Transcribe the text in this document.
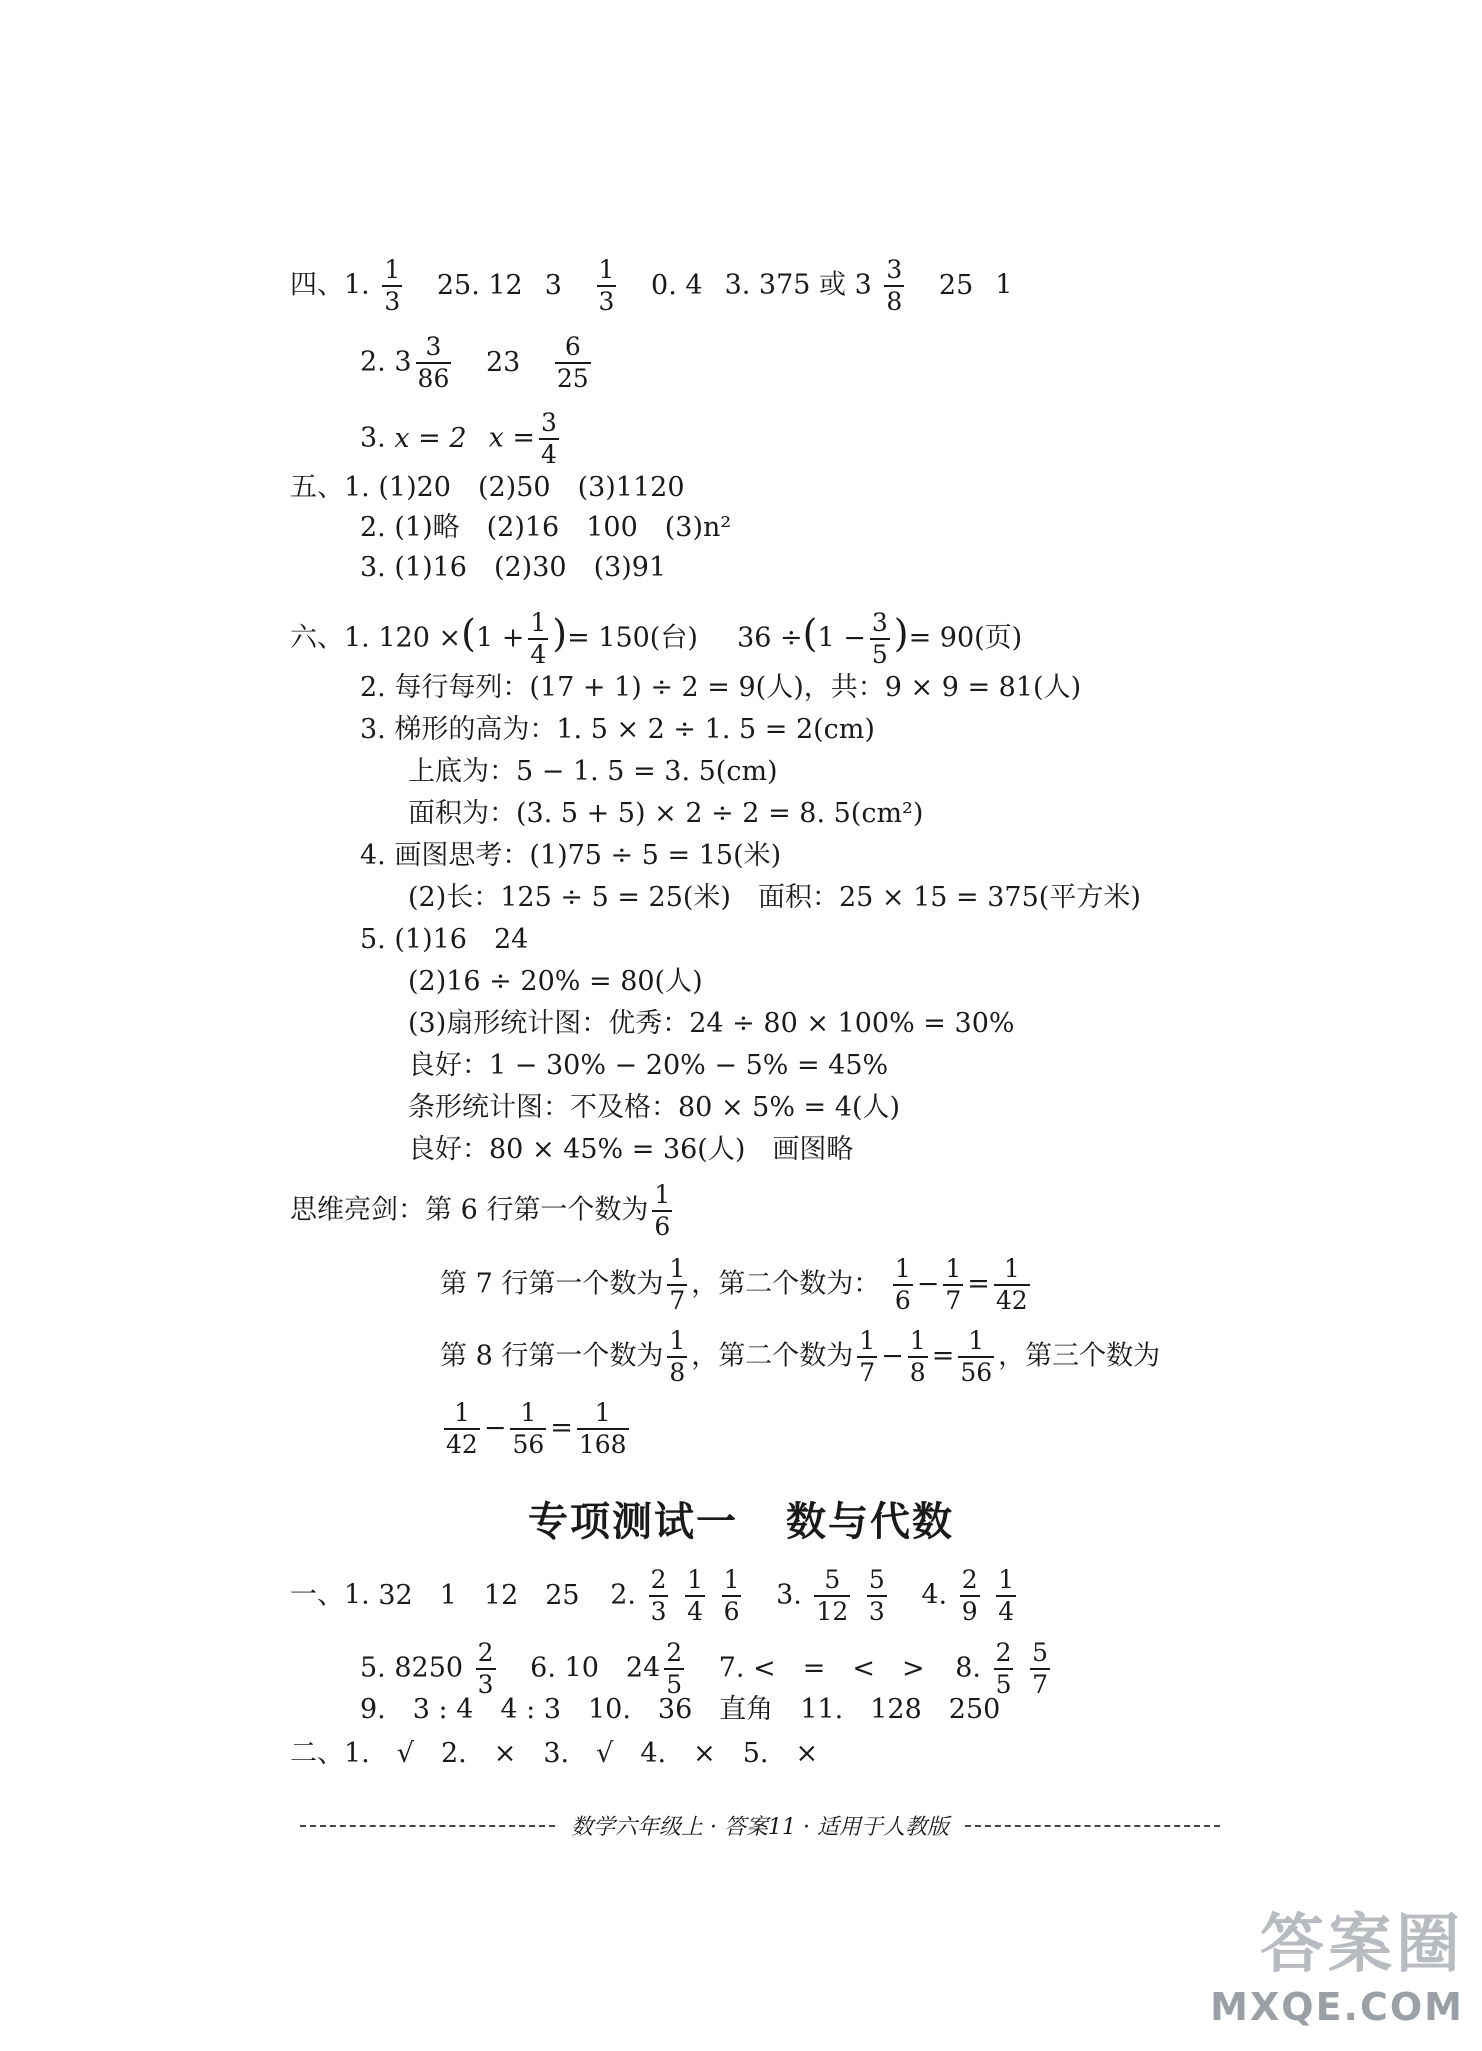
四、1. $\frac{1}{3} 25$. 12 $3 \frac{1}{3} 0$. 4 3. 375 或 $3 \frac{3}{8} 25$ 1
2. $3 \frac{3}{86} 23 \frac{6}{25}$
3. x = 2 $x = \frac{3}{4}$
五、1. (1)20　(2)50　(3)1120
2. (1)略　(2)16　100　(3)n²
3. (1)16　(2)30　(3)91
六、1. $120 \times(1 + \frac{1}{4}$ )= 150(台) $36 \div(1 - \frac{3}{5}$ )= 90(页)
2. 每行每列：(17 + 1) ÷ 2 = 9(人)，共：9 × 9 = 81(人)
3. 梯形的高为：1. 5 × 2 ÷ 1. 5 = 2(cm)
上底为：5 − 1. 5 = 3. 5(cm)
面积为：(3. 5 + 5) × 2 ÷ 2 = 8. 5(cm²)
4. 画图思考：(1)75 ÷ 5 = 15(米)
(2)长：125 ÷ 5 = 25(米)　面积：25 × 15 = 375(平方米)
5. (1)16　24
(2)16 ÷ 20% = 80(人)
(3)扇形统计图：优秀：24 ÷ 80 × 100% = 30%
良好：1 − 30% − 20% − 5% = 45%
条形统计图：不及格：80 × 5% = 4(人)
良好：80 × 45% = 36(人)　画图略
思维亮剑：第 6 行第一个数为 $\frac{1}{6}$
第 7 行第一个数为 $\frac{1}{7}$ ，第二个数为： $\frac{1}{6} - \frac{1}{7} = \frac{1}{42}$
第 8 行第一个数为 $\frac{1}{8}$ ，第二个数为 $\frac{1}{7} - \frac{1}{8} = \frac{1}{56}$ ，第三个数为
$\frac{1}{42} - \frac{1}{56} = \frac{1}{168}$
专项测试一 数与代数
一、1. 32　1　12　25 2. $\frac{2}{3}$
$\frac{1}{4}$
$\frac{1}{6} 3$. $\frac{5}{12}$
$\frac{5}{3} 4$. $\frac{2}{9}$
$\frac{1}{4}$
5. $8250 \frac{2}{3} 6$. 10　$24 \frac{2}{5} 7$. <　=　<　> 8. $\frac{2}{5}$
$\frac{5}{7}$
9.　3 : 4　4 : 3　10.　36　直角　11.　128　250
二、1.　√　2.　×　3.　√　4.　×　5.　×
数学六年级上 · 答案11 · 适用于人教版
答案圈
MXQE.COM
